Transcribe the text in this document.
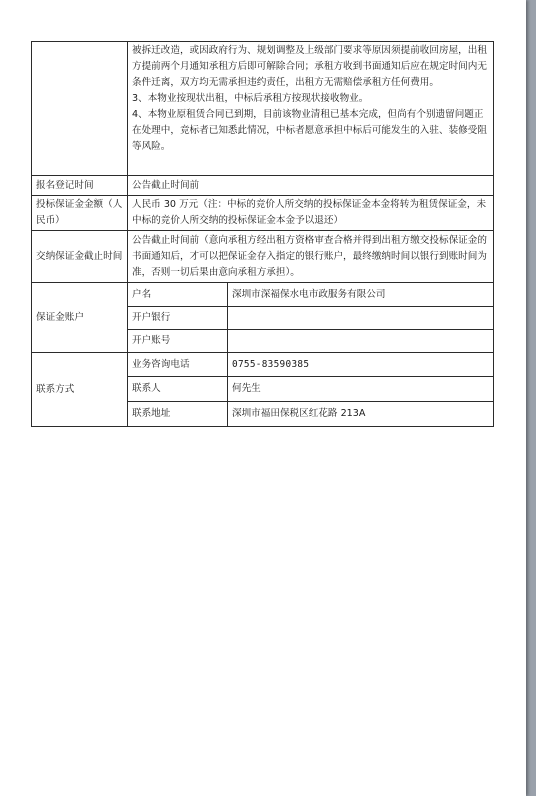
	被拆迁改造，或因政府行为、规划调整及上级部门要求等原因须提前收回房屋，出租方提前两个月通知承租方后即可解除合同；承租方收到书面通知后应在规定时间内无条件迁离，双方均无需承担违约责任，出租方无需赔偿承租方任何费用。
3、本物业按现状出租，中标后承租方按现状接收物业。
4、本物业原租赁合同已到期，目前该物业清租已基本完成，但尚有个别遗留问题正在处理中，竞标者已知悉此情况，中标者愿意承担中标后可能发生的入驻、装修受阻等风险。	

报名登记时间	公告截止时间前	
投标保证金金额（人民币）	人民币 30 万元（注：中标的竞价人所交纳的投标保证金本金将转为租赁保证金，未中标的竞价人所交纳的投标保证金本金予以退还）	
交纳保证金截止时间	公告截止时间前（意向承租方经出租方资格审查合格并得到出租方缴交投标保证金的书面通知后，才可以把保证金存入指定的银行账户，最终缴纳时间以银行到账时间为准，否则一切后果由意向承租方承担）。	
保证金账户	户名	深圳市深福保水电市政服务有限公司
	开户银行	
	开户账号	
联系方式	业务咨询电话	0755-83590385
	联系人	何先生
	联系地址	深圳市福田保税区红花路 213A
